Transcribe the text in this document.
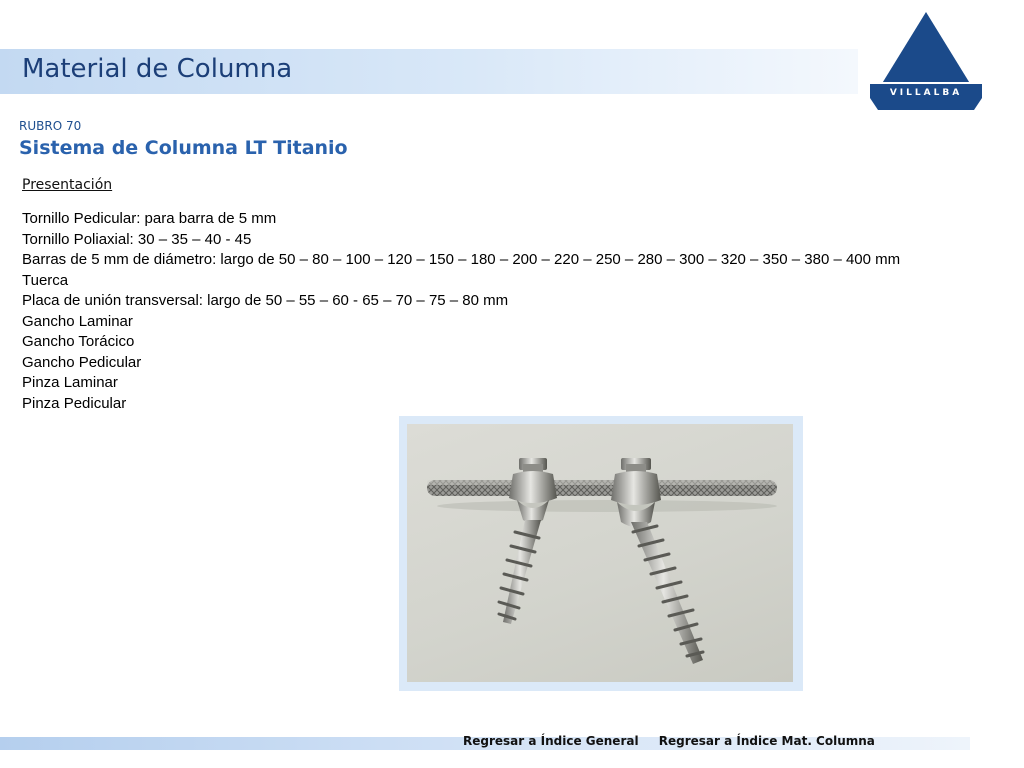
Material de Columna
VILLALBA
RUBRO 70
Sistema de Columna LT Titanio
Presentación
Tornillo Pedicular: para barra de 5 mm
Tornillo Poliaxial: 30 – 35 – 40 - 45
Barras de 5 mm de diámetro: largo de 50 – 80 – 100 – 120 – 150 – 180 – 200 – 220 – 250 – 280 – 300 – 320 – 350 – 380 – 400 mm
Tuerca
Placa de unión transversal: largo de 50 – 55 – 60 - 65 – 70 – 75 – 80 mm
Gancho Laminar
Gancho Torácico
Gancho Pedicular
Pinza Laminar
Pinza Pedicular
Regresar a Índice General Regresar a Índice Mat. Columna
